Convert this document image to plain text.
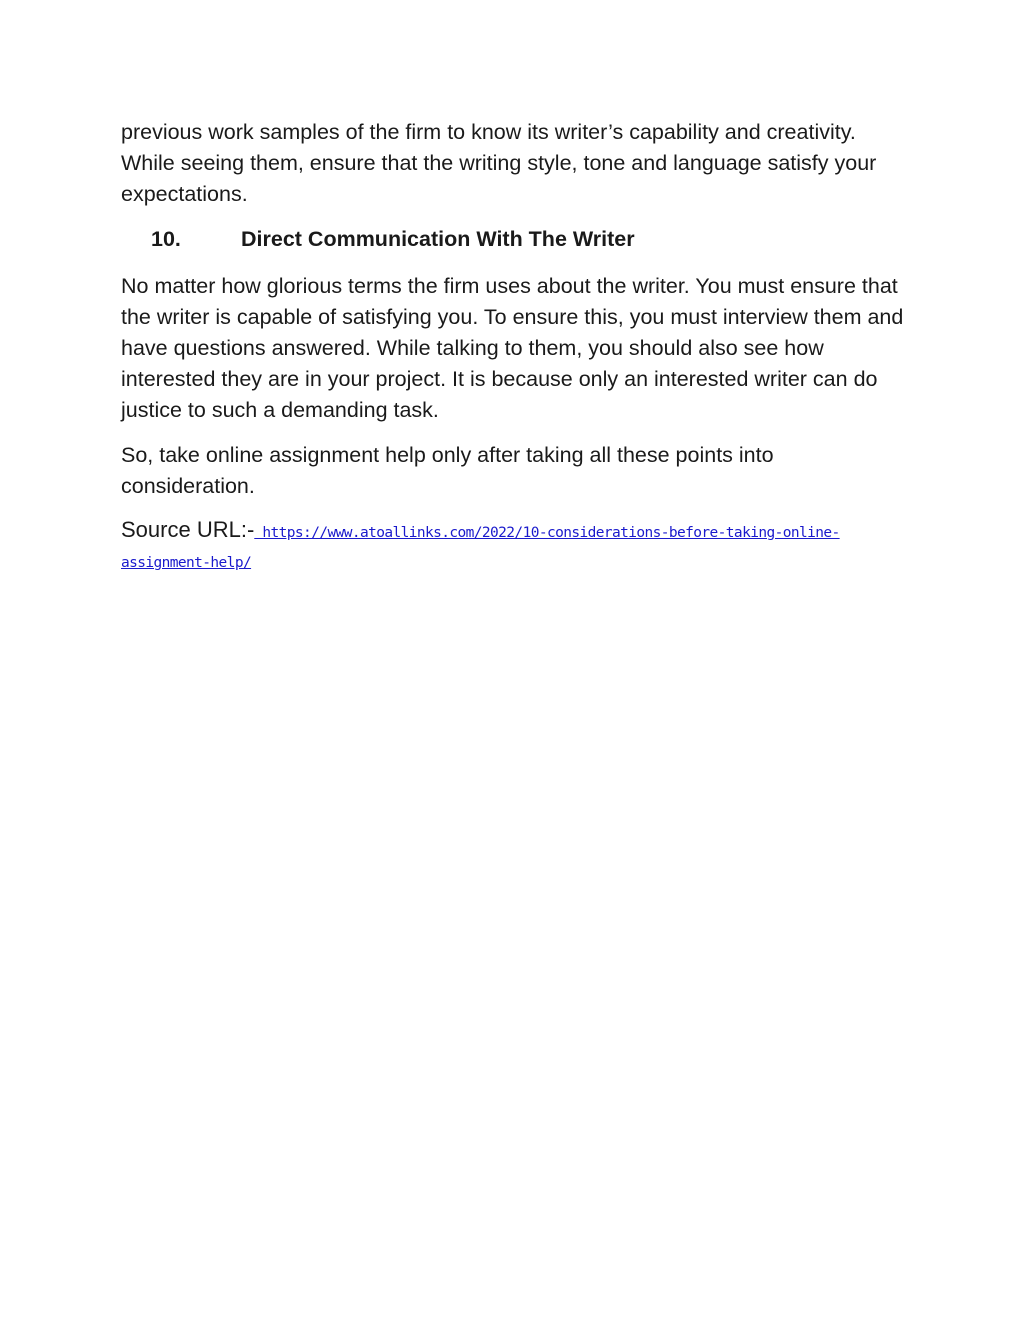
previous work samples of the firm to know its writer’s capability and creativity. While seeing them, ensure that the writing style, tone and language satisfy your expectations.

10.	Direct Communication With The Writer

No matter how glorious terms the firm uses about the writer. You must ensure that the writer is capable of satisfying you. To ensure this, you must interview them and have questions answered. While talking to them, you should also see how interested they are in your project. It is because only an interested writer can do justice to such a demanding task.

So, take online assignment help only after taking all these points into consideration.

Source URL:- https://www.atoallinks.com/2022/10-considerations-before-taking-online-assignment-help/
